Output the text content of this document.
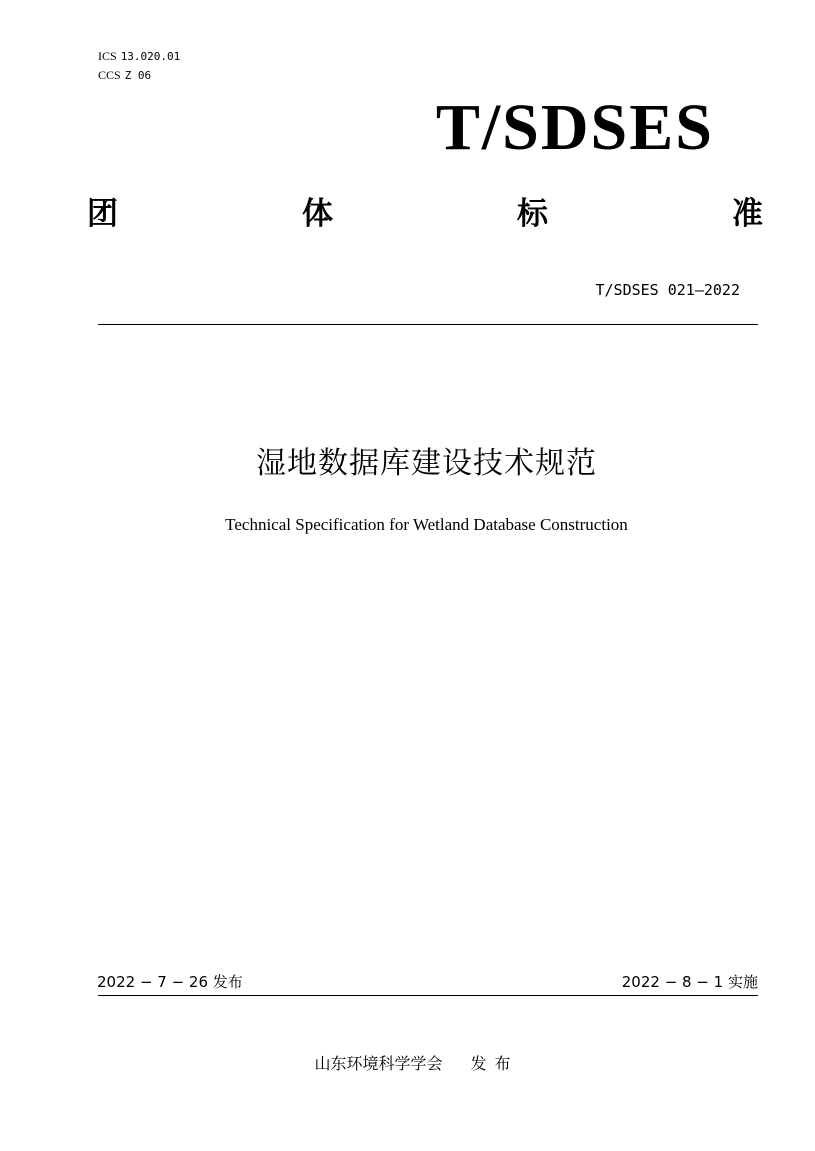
ICS 13.020.01
CCS Z 06
T/SDSES
团	体	标	准
T/SDSES 021—2022
湿地数据库建设技术规范
Technical Specification for Wetland Database Construction
2022 − 7 − 26 发布	2022 − 8 − 1 实施
山东环境科学学会 发布
